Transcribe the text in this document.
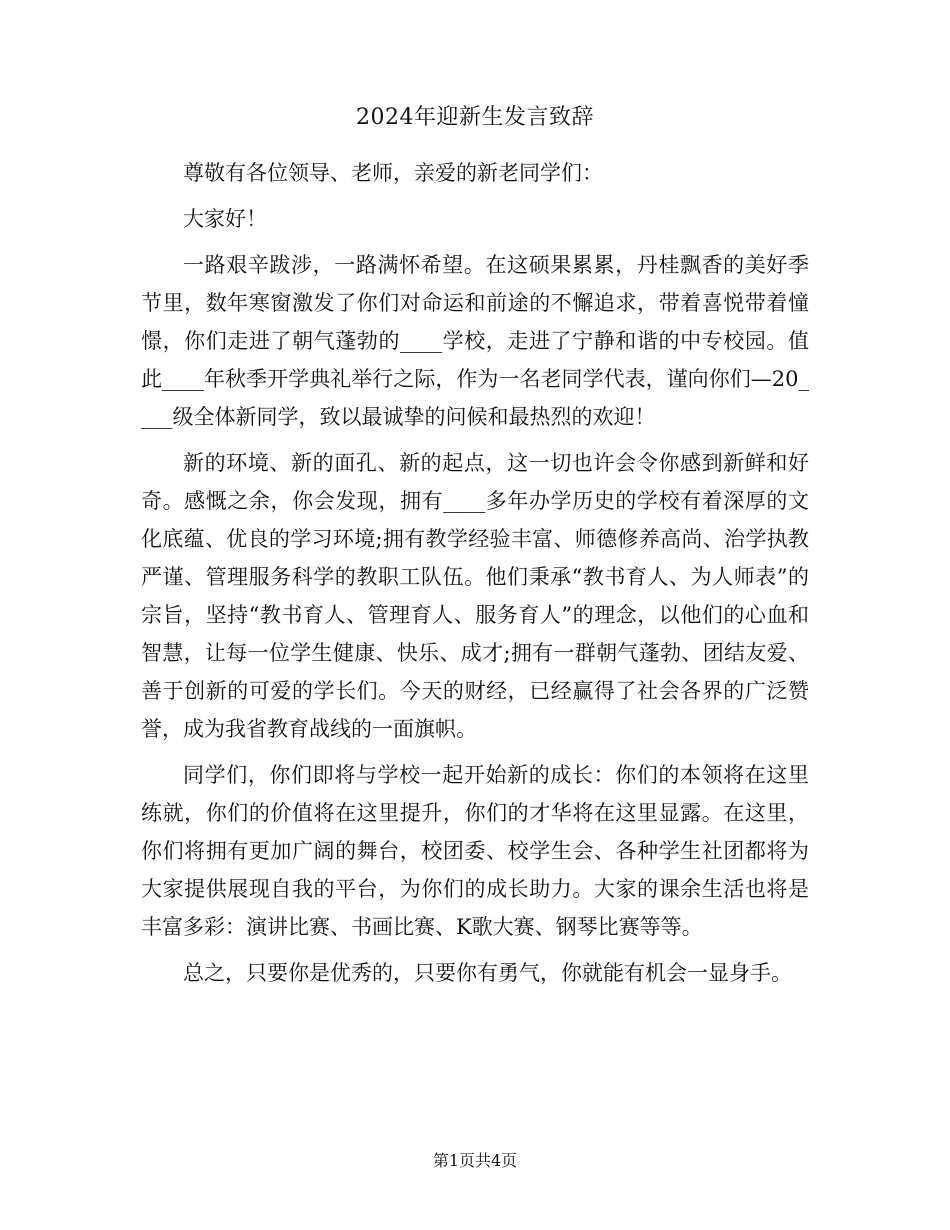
2024年迎新生发言致辞

尊敬有各位领导、老师，亲爱的新老同学们：

大家好！

一路艰辛跋涉，一路满怀希望。在这硕果累累，丹桂飘香的美好季节里，数年寒窗激发了你们对命运和前途的不懈追求，带着喜悦带着憧憬，你们走进了朝气蓬勃的____学校，走进了宁静和谐的中专校园。值此____年秋季开学典礼举行之际，作为一名老同学代表，谨向你们—20____级全体新同学，致以最诚挚的问候和最热烈的欢迎！

新的环境、新的面孔、新的起点，这一切也许会令你感到新鲜和好奇。感慨之余，你会发现，拥有____多年办学历史的学校有着深厚的文化底蕴、优良的学习环境;拥有教学经验丰富、师德修养高尚、治学执教严谨、管理服务科学的教职工队伍。他们秉承“教书育人、为人师表”的宗旨，坚持“教书育人、管理育人、服务育人”的理念，以他们的心血和智慧，让每一位学生健康、快乐、成才;拥有一群朝气蓬勃、团结友爱、善于创新的可爱的学长们。今天的财经，已经赢得了社会各界的广泛赞誉，成为我省教育战线的一面旗帜。

同学们，你们即将与学校一起开始新的成长：你们的本领将在这里练就，你们的价值将在这里提升，你们的才华将在这里显露。在这里，你们将拥有更加广阔的舞台，校团委、校学生会、各种学生社团都将为大家提供展现自我的平台，为你们的成长助力。大家的课余生活也将是丰富多彩：演讲比赛、书画比赛、K歌大赛、钢琴比赛等等。

总之，只要你是优秀的，只要你有勇气，你就能有机会一显身手。

第1页共4页
